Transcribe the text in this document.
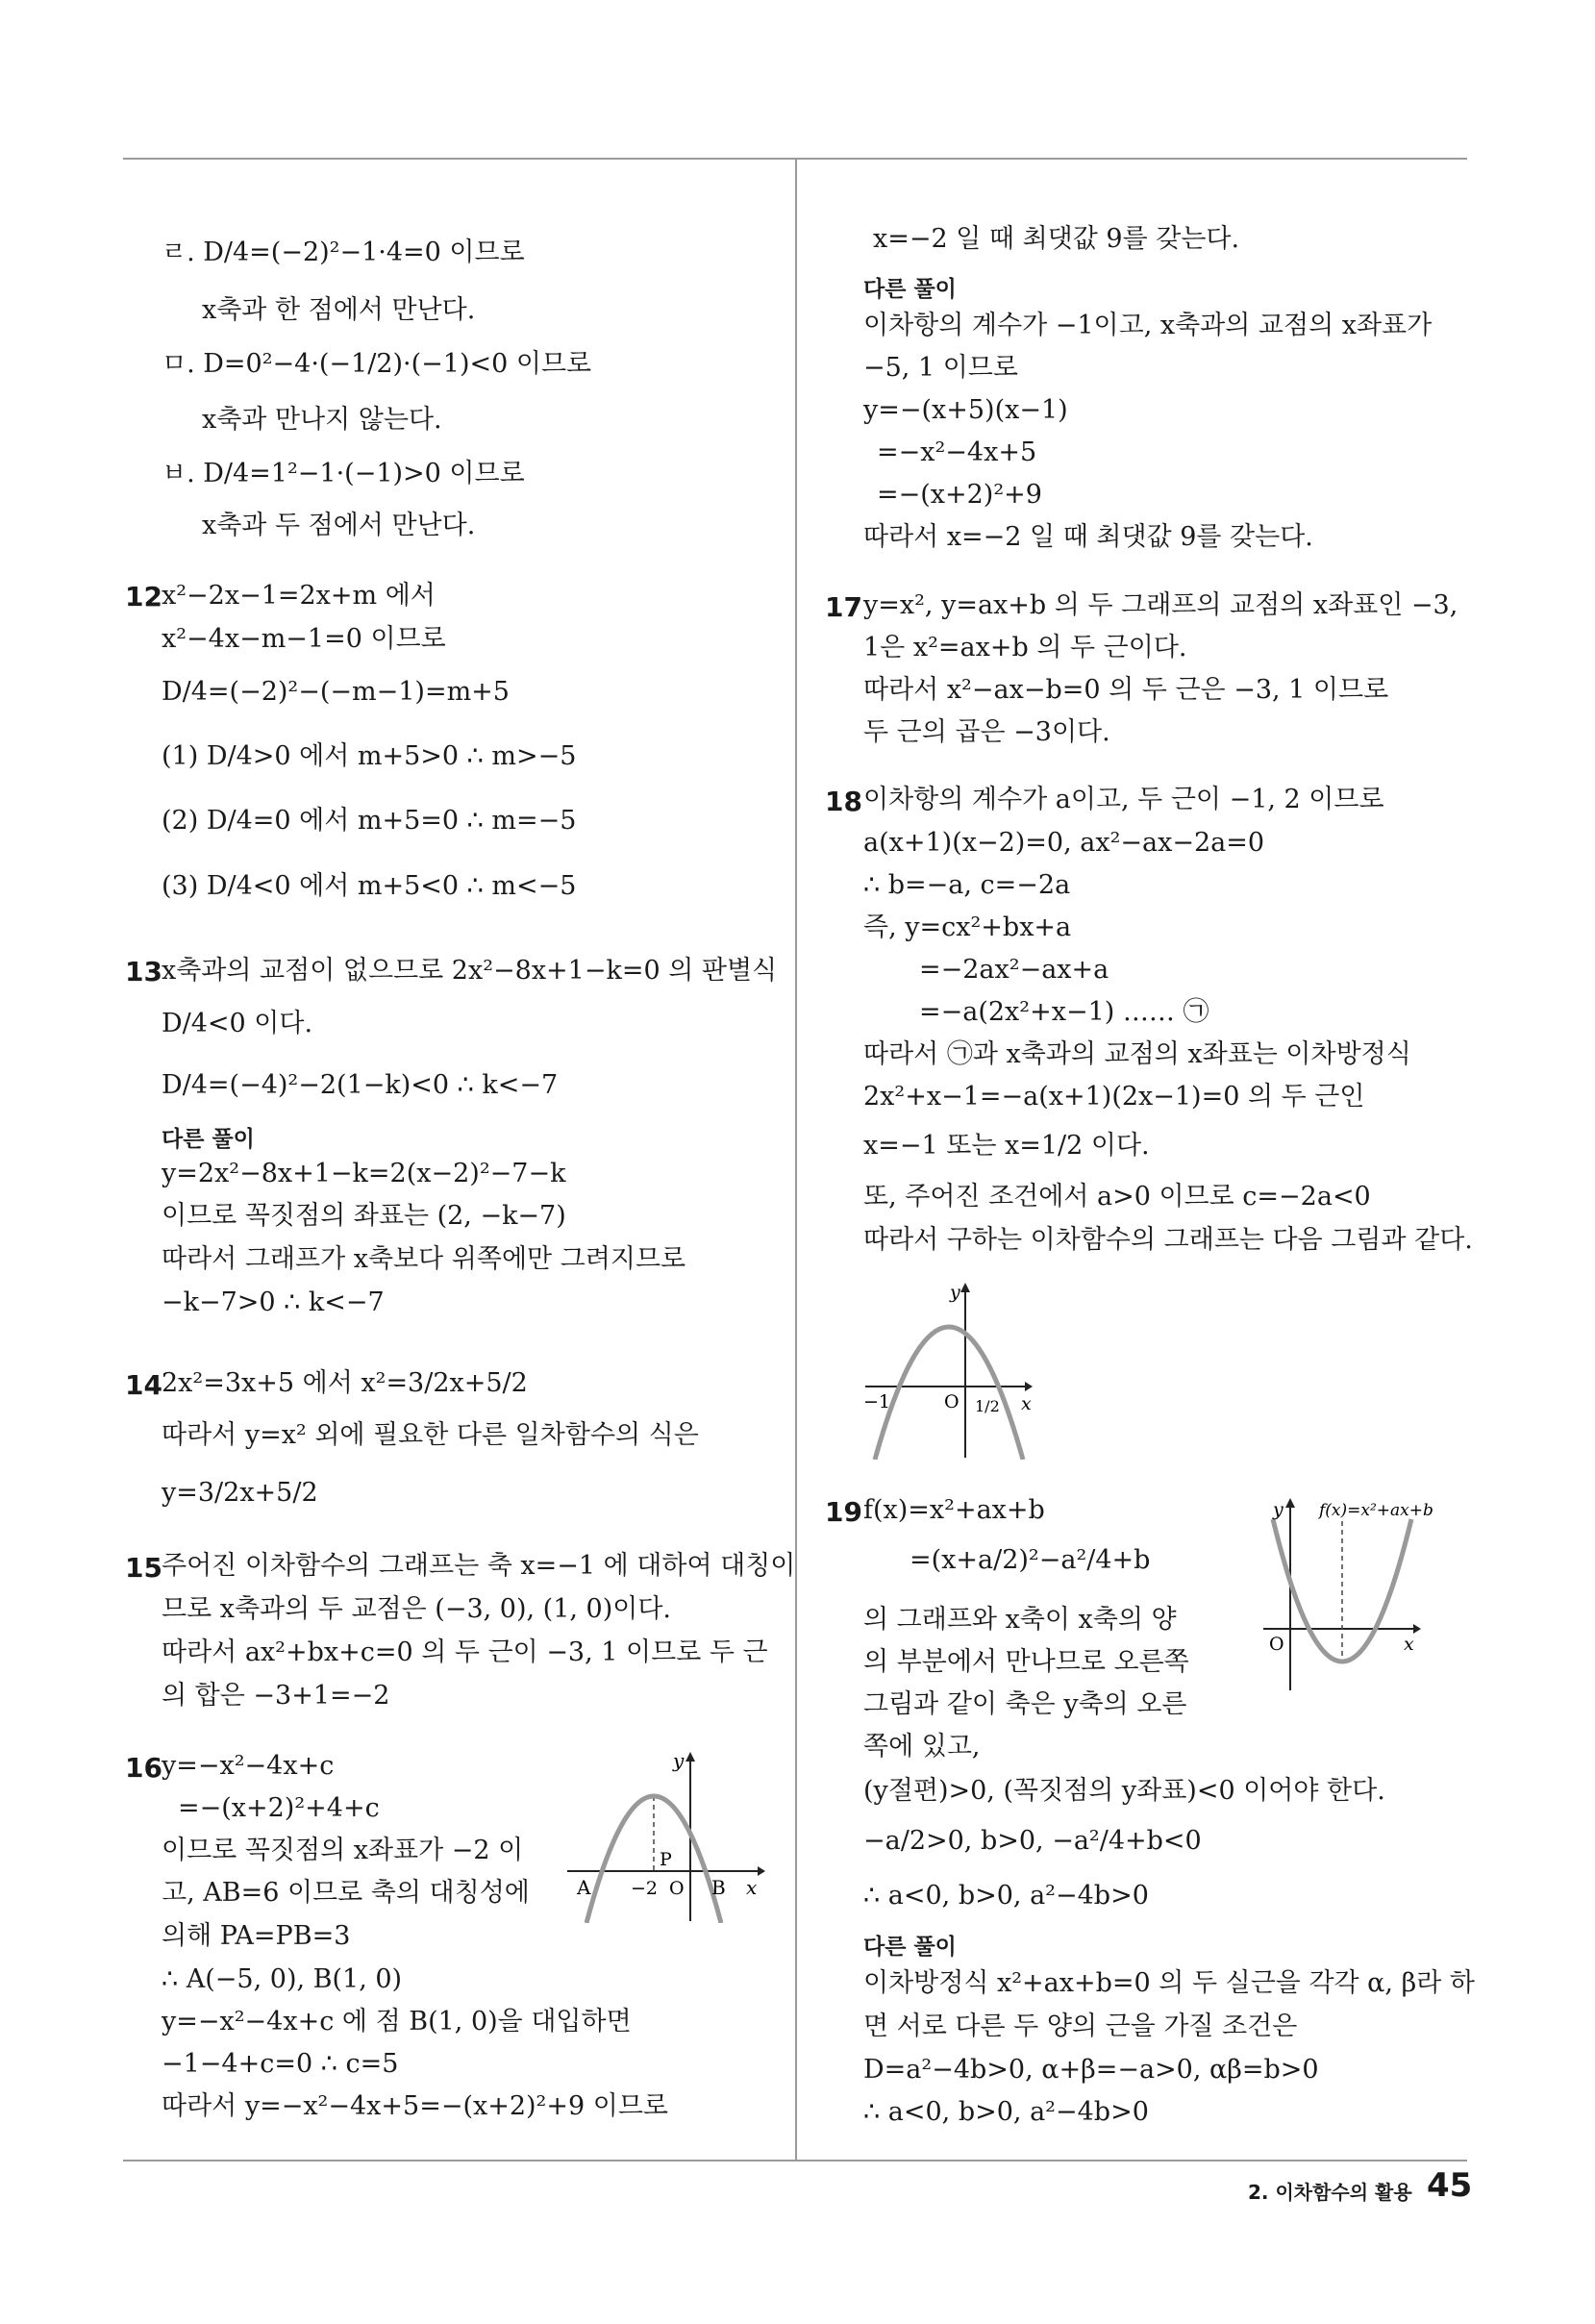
ㄹ. D/4=(−2)²−1·4=0 이므로
x축과 한 점에서 만난다.
ㅁ. D=0²−4·(−1/2)·(−1)<0 이므로
x축과 만나지 않는다.
ㅂ. D/4=1²−1·(−1)>0 이므로
x축과 두 점에서 만난다.
12 x²−2x−1=2x+m 에서
x²−4x−m−1=0 이므로
D/4=(−2)²−(−m−1)=m+5
(1) D/4>0 에서 m+5>0 ∴ m>−5
(2) D/4=0 에서 m+5=0 ∴ m=−5
(3) D/4<0 에서 m+5<0 ∴ m<−5
13 x축과의 교점이 없으므로 2x²−8x+1−k=0 의 판별식
D/4<0 이다.
D/4=(−4)²−2(1−k)<0 ∴ k<−7
다른 풀이
y=2x²−8x+1−k=2(x−2)²−7−k
이므로 꼭짓점의 좌표는 (2, −k−7)
따라서 그래프가 x축보다 위쪽에만 그려지므로
−k−7>0 ∴ k<−7
14 2x²=3x+5 에서 x²=3/2x+5/2
따라서 y=x² 외에 필요한 다른 일차함수의 식은
y=3/2x+5/2
15 주어진 이차함수의 그래프는 축 x=−1 에 대하여 대칭이
므로 x축과의 두 교점은 (−3, 0), (1, 0)이다.
따라서 ax²+bx+c=0 의 두 근이 −3, 1 이므로 두 근
의 합은 −3+1=−2
16 y=−x²−4x+c
=−(x+2)²+4+c
이므로 꼭짓점의 x좌표가 −2 이
고, AB=6 이므로 축의 대칭성에
의해 PA=PB=3
∴ A(−5, 0), B(1, 0)
y=−x²−4x+c 에 점 B(1, 0)을 대입하면
−1−4+c=0 ∴ c=5
따라서 y=−x²−4x+5=−(x+2)²+9 이므로
y
x
A −2 O B
P
x=−2 일 때 최댓값 9를 갖는다.
다른 풀이
이차항의 계수가 −1이고, x축과의 교점의 x좌표가
−5, 1 이므로
y=−(x+5)(x−1)
=−x²−4x+5
=−(x+2)²+9
따라서 x=−2 일 때 최댓값 9를 갖는다.
17 y=x², y=ax+b 의 두 그래프의 교점의 x좌표인 −3,
1은 x²=ax+b 의 두 근이다.
따라서 x²−ax−b=0 의 두 근은 −3, 1 이므로
두 근의 곱은 −3이다.
18 이차항의 계수가 a이고, 두 근이 −1, 2 이므로
a(x+1)(x−2)=0, ax²−ax−2a=0
∴ b=−a, c=−2a
즉, y=cx²+bx+a
=−2ax²−ax+a
=−a(2x²+x−1) …… ㉠
따라서 ㉠과 x축과의 교점의 x좌표는 이차방정식
2x²+x−1=−a(x+1)(2x−1)=0 의 두 근인
x=−1 또는 x=1/2 이다.
또, 주어진 조건에서 a>0 이므로 c=−2a<0
따라서 구하는 이차함수의 그래프는 다음 그림과 같다.
y
x
−1	O 1/2
19 f(x)=x²+ax+b
=(x+a/2)²−a²/4+b
의 그래프와 x축이 x축의 양
의 부분에서 만나므로 오른쪽
그림과 같이 축은 y축의 오른
쪽에 있고,
(y절편)>0, (꼭짓점의 y좌표)<0 이어야 한다.
−a/2>0, b>0, −a²/4+b<0
∴ a<0, b>0, a²−4b>0
다른 풀이
이차방정식 x²+ax+b=0 의 두 실근을 각각 α, β라 하
면 서로 다른 두 양의 근을 가질 조건은
D=a²−4b>0, α+β=−a>0, αβ=b>0
∴ a<0, b>0, a²−4b>0
y
x
O
f(x)=x²+ax+b
2. 이차함수의 활용 45
